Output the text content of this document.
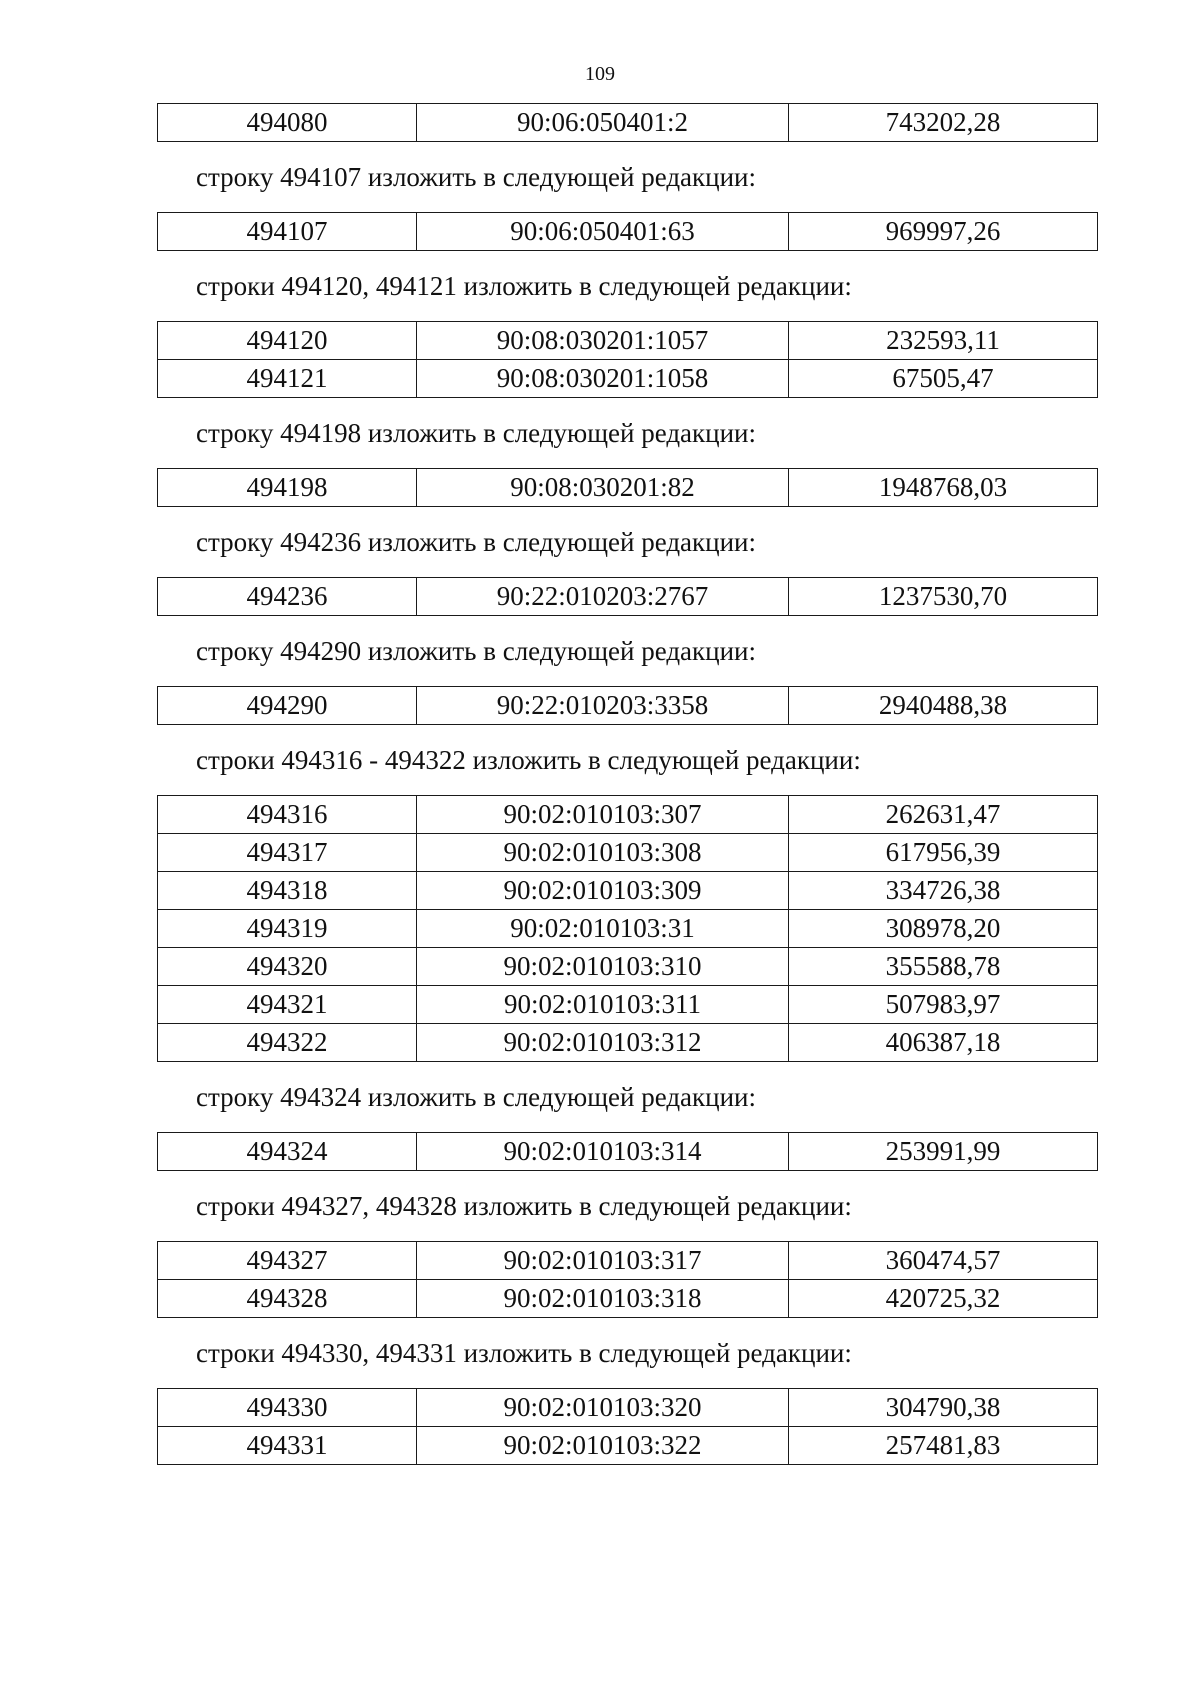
109
494080	90:06:050401:2	743202,28
строку 494107 изложить в следующей редакции:
494107	90:06:050401:63	969997,26
строки 494120, 494121 изложить в следующей редакции:
494120	90:08:030201:1057	232593,11
494121	90:08:030201:1058	67505,47
строку 494198 изложить в следующей редакции:
494198	90:08:030201:82	1948768,03
строку 494236 изложить в следующей редакции:
494236	90:22:010203:2767	1237530,70
строку 494290 изложить в следующей редакции:
494290	90:22:010203:3358	2940488,38
строки 494316 - 494322 изложить в следующей редакции:
494316	90:02:010103:307	262631,47
494317	90:02:010103:308	617956,39
494318	90:02:010103:309	334726,38
494319	90:02:010103:31	308978,20
494320	90:02:010103:310	355588,78
494321	90:02:010103:311	507983,97
494322	90:02:010103:312	406387,18
строку 494324 изложить в следующей редакции:
494324	90:02:010103:314	253991,99
строки 494327, 494328 изложить в следующей редакции:
494327	90:02:010103:317	360474,57
494328	90:02:010103:318	420725,32
строки 494330, 494331 изложить в следующей редакции:
494330	90:02:010103:320	304790,38
494331	90:02:010103:322	257481,83
